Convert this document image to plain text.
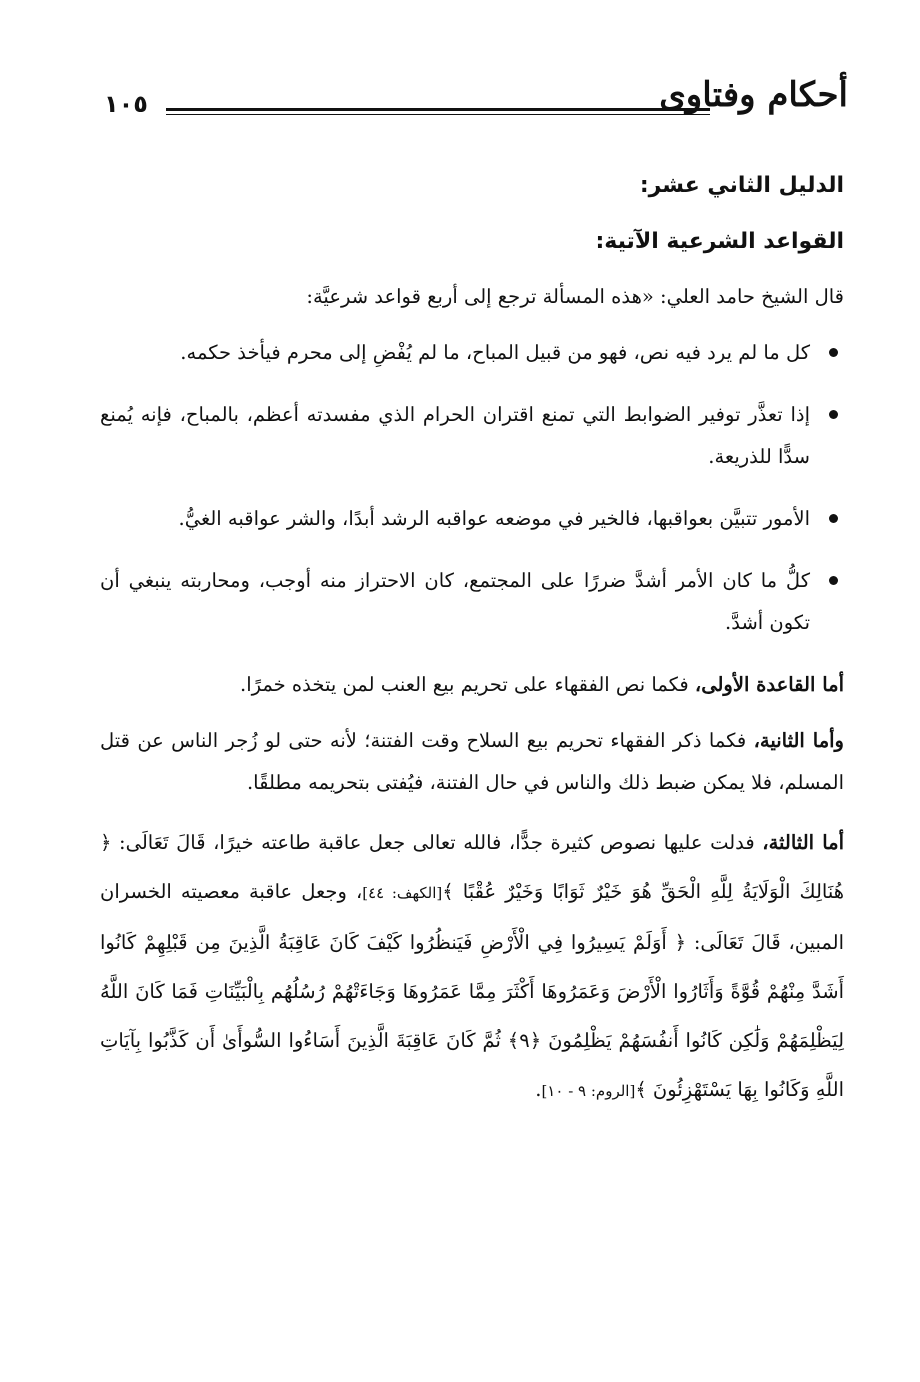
أحكام وفتاوى
١٠٥
الدليل الثاني عشر:
القواعد الشرعية الآتية:

قال الشيخ حامد العلي: «هذه المسألة ترجع إلى أربع قواعد شرعيَّة:

كل ما لم يرد فيه نص، فهو من قبيل المباح، ما لم يُفْضِ إلى محرم فيأخذ حكمه.
إذا تعذَّر توفير الضوابط التي تمنع اقتران الحرام الذي مفسدته أعظم، بالمباح، فإنه يُمنع سدًّا للذريعة.
الأمور تتبيَّن بعواقبها، فالخير في موضعه عواقبه الرشد أبدًا، والشر عواقبه الغيُّ.
كلُّ ما كان الأمر أشدَّ ضررًا على المجتمع، كان الاحتراز منه أوجب، ومحاربته ينبغي أن تكون أشدَّ.

أما القاعدة الأولى، فكما نص الفقهاء على تحريم بيع العنب لمن يتخذه خمرًا.

وأما الثانية، فكما ذكر الفقهاء تحريم بيع السلاح وقت الفتنة؛ لأنه حتى لو زُجر الناس عن قتل المسلم، فلا يمكن ضبط ذلك والناس في حال الفتنة، فيُفتى بتحريمه مطلقًا.

أما الثالثة، فدلت عليها نصوص كثيرة جدًّا، فالله تعالى جعل عاقبة طاعته خيرًا، قَالَ تَعَالَى: ﴿ هُنَالِكَ الْوَلَايَةُ لِلَّهِ الْحَقِّ هُوَ خَيْرٌ ثَوَابًا وَخَيْرٌ عُقْبًا ﴾[الكهف: ٤٤]، وجعل عاقبة معصيته الخسران المبين، قَالَ تَعَالَى: ﴿ أَوَلَمْ يَسِيرُوا فِي الْأَرْضِ فَيَنظُرُوا كَيْفَ كَانَ عَاقِبَةُ الَّذِينَ مِن قَبْلِهِمْ كَانُوا أَشَدَّ مِنْهُمْ قُوَّةً وَأَثَارُوا الْأَرْضَ وَعَمَرُوهَا أَكْثَرَ مِمَّا عَمَرُوهَا وَجَاءَتْهُمْ رُسُلُهُم بِالْبَيِّنَاتِ فَمَا كَانَ اللَّهُ لِيَظْلِمَهُمْ وَلَٰكِن كَانُوا أَنفُسَهُمْ يَظْلِمُونَ ﴿٩﴾ ثُمَّ كَانَ عَاقِبَةَ الَّذِينَ أَسَاءُوا السُّوأَىٰ أَن كَذَّبُوا بِآيَاتِ اللَّهِ وَكَانُوا بِهَا يَسْتَهْزِئُونَ ﴾[الروم: ٩ - ١٠].
